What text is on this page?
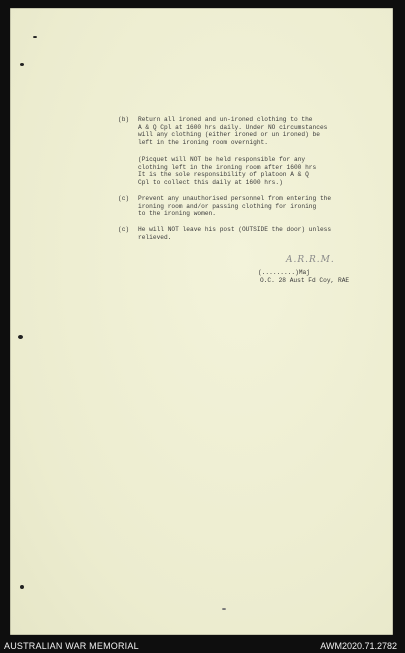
(b) Return all ironed and un-ironed clothing to the
A & Q Cpl at 1600 hrs daily. Under NO circumstances
will any clothing (either ironed or un ironed) be
left in the ironing room overnight.
(Picquet will NOT be held responsible for any
clothing left in the ironing room after 1600 hrs
It is the sole responsibility of platoon A & Q
Cpl to collect this daily at 1600 hrs.)
(c) Prevent any unauthorised personnel from entering the
ironing room and/or passing clothing for ironing
to the ironing women.
(c) He will NOT leave his post (OUTSIDE the door) unless
relieved.
A.R.R.M.
(.........)Maj
O.C. 28 Aust Fd Coy, RAE
AUSTRALIAN WAR MEMORIAL	AWM2020.71.2782
